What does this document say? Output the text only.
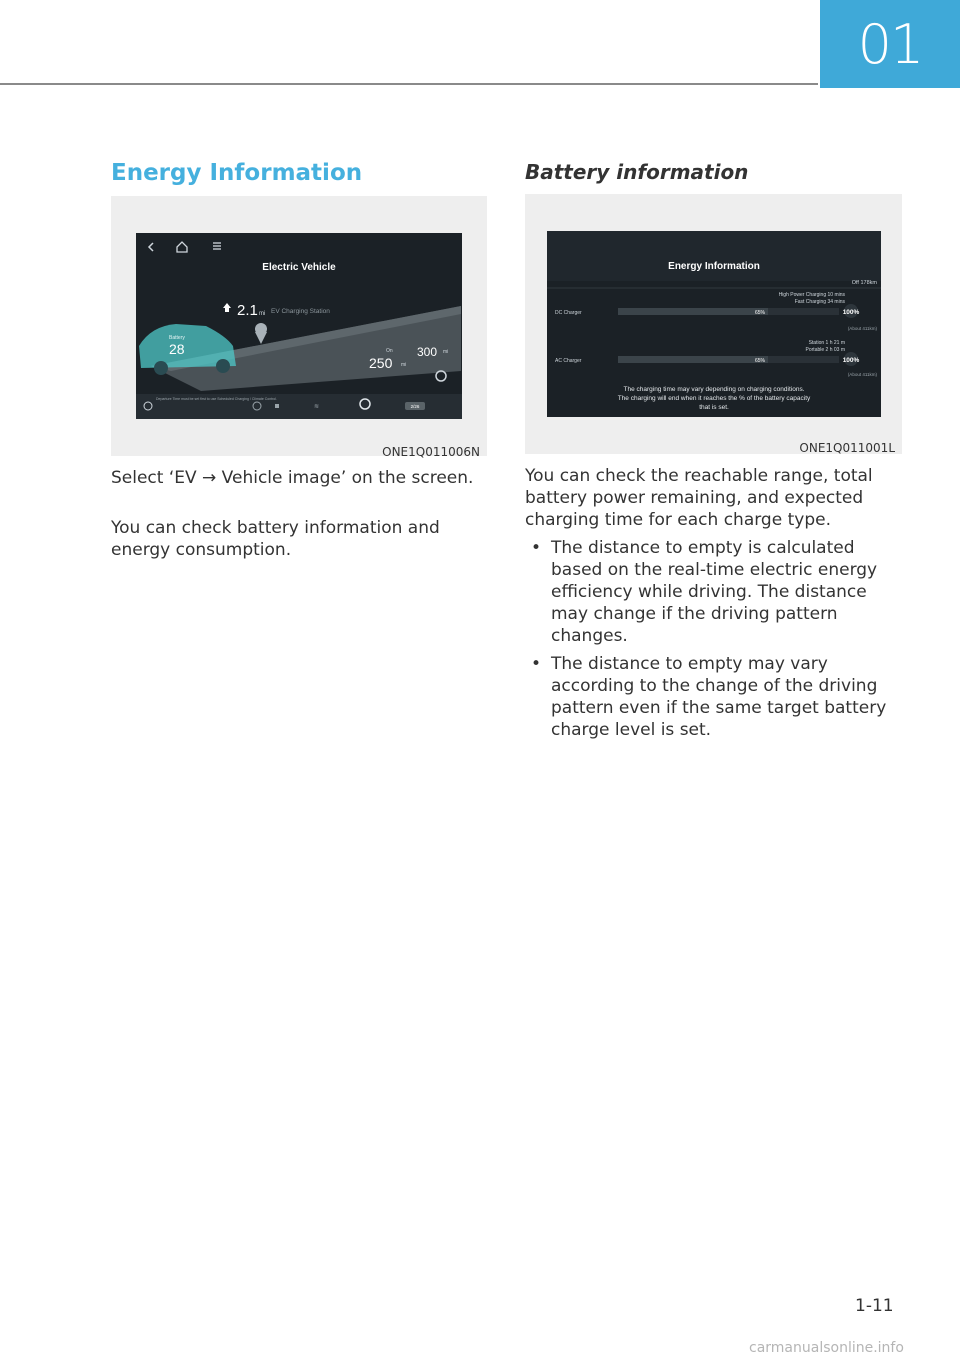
01
Energy Information
Electric Vehicle
2.1 mi EV Charging Station
Battery
28	On
250 mi
300 mi
Departure Time must be set first to use Scheduled Charging / Climate Control.
≋	2/26
ONE1Q011006N

Select ‘EV → Vehicle image’ on the screen.

You can check battery information and energy consumption.

Battery information
Energy Information
Off 178km
High Power Charging 10 mins
Fast Charging 34 mins
DC Charger	65%	100%
(About 411km)
Station 1 h 21 m
Portable 2 h 03 m
AC Charger	65%	100%
(About 411km)
The charging time may vary depending on charging conditions.
The charging will end when it reaches the % of the battery capacity
that is set.
ONE1Q011001L

You can check the reachable range, total battery power remaining, and expected charging time for each charge type.

• The distance to empty is calculated based on the real-time electric energy efficiency while driving. The distance may change if the driving pattern changes.
• The distance to empty may vary according to the change of the driving pattern even if the same target battery charge level is set.
1-11
carmanualsonline.info
